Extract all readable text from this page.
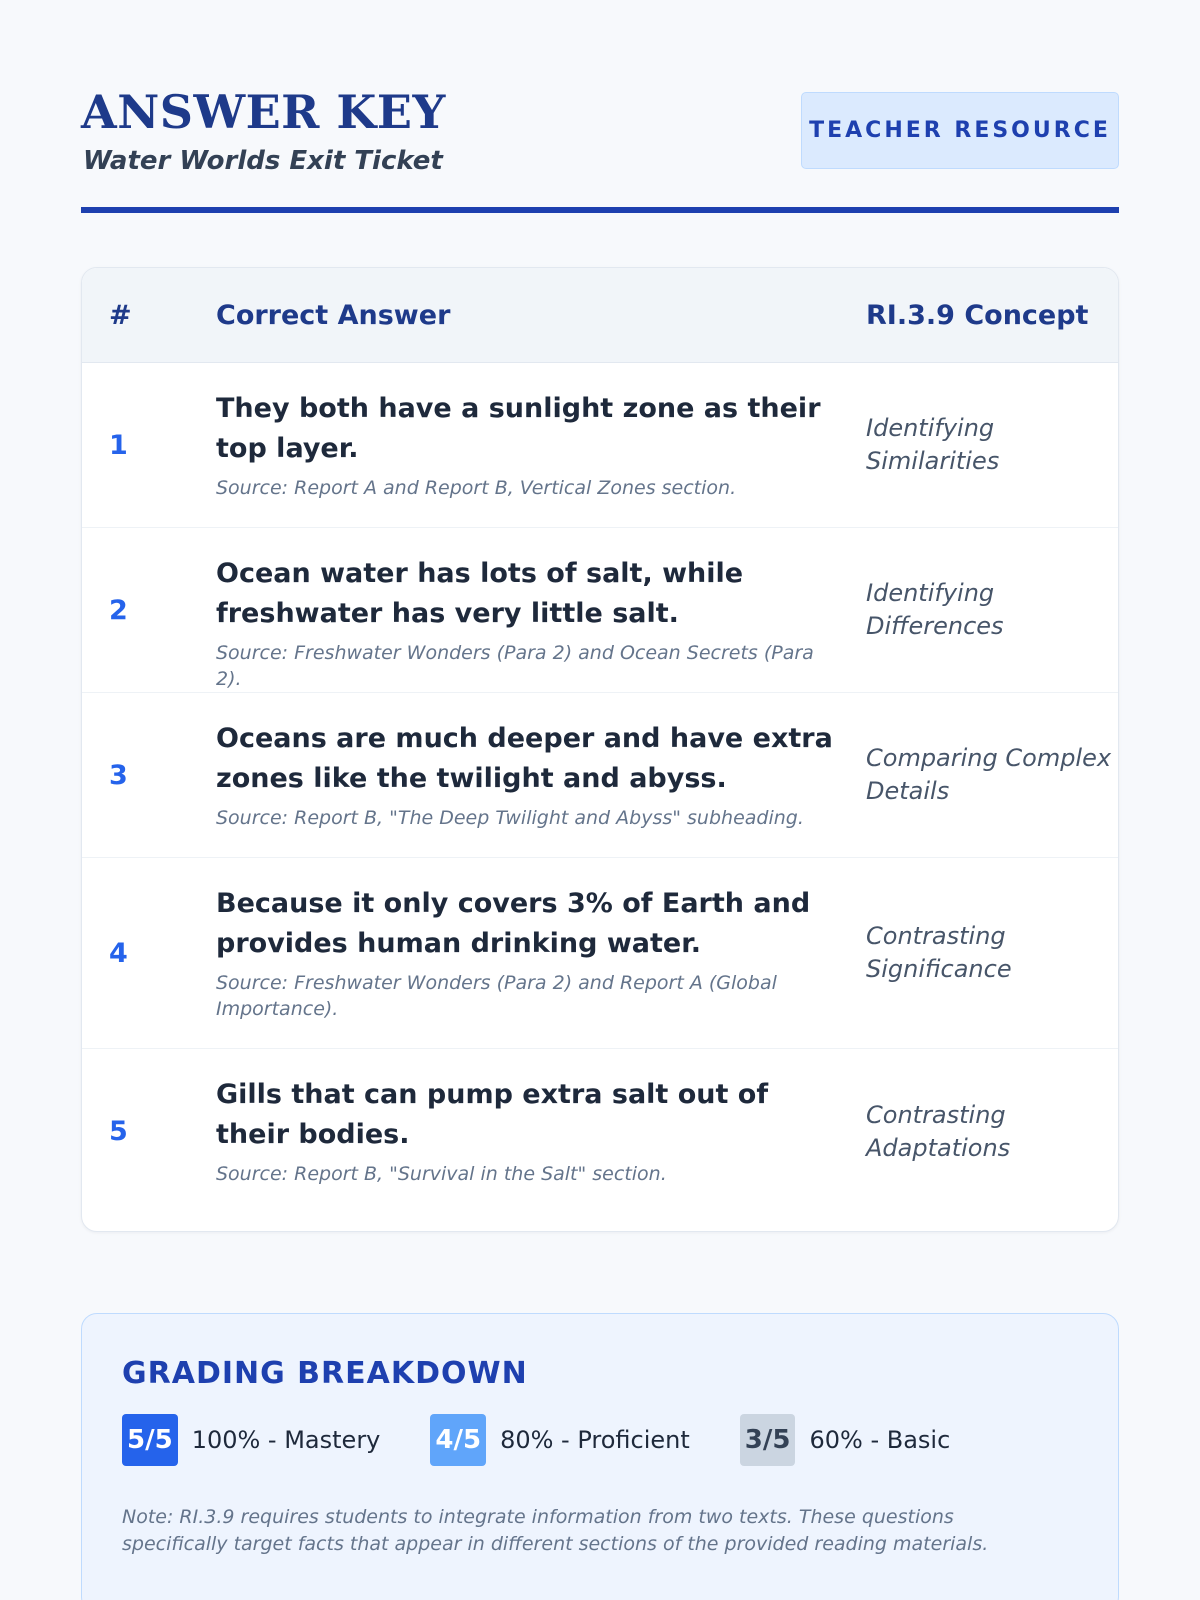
ANSWER KEY
Water Worlds Exit Ticket
TEACHER RESOURCE
#	Correct Answer	RI.3.9 Concept
1
They both have a sunlight zone as their top layer.
Source: Report A and Report B, Vertical Zones section.
Identifying Similarities
2
Ocean water has lots of salt, while freshwater has very little salt.
Source: Freshwater Wonders (Para 2) and Ocean Secrets (Para 2).
Identifying Differences
3
Oceans are much deeper and have extra zones like the twilight and abyss.
Source: Report B, "The Deep Twilight and Abyss" subheading.
Comparing Complex Details
4
Because it only covers 3% of Earth and provides human drinking water.
Source: Freshwater Wonders (Para 2) and Report A (Global Importance).
Contrasting Significance
5
Gills that can pump extra salt out of their bodies.
Source: Report B, "Survival in the Salt" section.
Contrasting Adaptations
GRADING BREAKDOWN
5/5 100% - Mastery 4/5 80% - Proficient 3/5 60% - Basic
Note: RI.3.9 requires students to integrate information from two texts. These questions specifically target facts that appear in different sections of the provided reading materials.
